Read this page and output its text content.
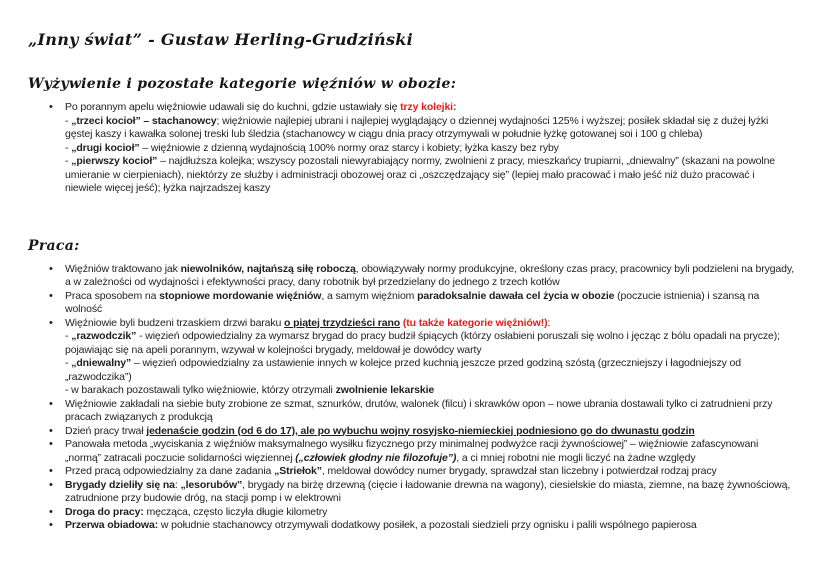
„Inny świat” - Gustaw Herling-Grudziński
Wyżywienie i pozostałe kategorie więźniów w obozie:
• Po porannym apelu więźniowie udawali się do kuchni, gdzie ustawiały się trzy kolejki:
- „trzeci kocioł” – stachanowcy; więźniowie najlepiej ubrani i najlepiej wyglądający o dziennej wydajności 125% i wyższej; posiłek składał się z dużej łyżki gęstej kaszy i kawałka solonej treski lub śledzia (stachanowcy w ciągu dnia pracy otrzymywali w południe łyżkę gotowanej soi i 100 g chleba)
- „drugi kocioł” – więźniowie z dzienną wydajnością 100% normy oraz starcy i kobiety; łyżka kaszy bez ryby
- „pierwszy kocioł” – najdłuższa kolejka; wszyscy pozostali niewyrabiający normy, zwolnieni z pracy, mieszkańcy trupiarni, „dniewalny” (skazani na powolne umieranie w cierpieniach), niektórzy ze służby i administracji obozowej oraz ci „oszczędzający się” (lepiej mało pracować i mało jeść niż dużo pracować i niewiele więcej jeść); łyżka najrzadszej kaszy
Praca:
• Więźniów traktowano jak niewolników, najtańszą siłę roboczą, obowiązywały normy produkcyjne, określony czas pracy, pracownicy byli podzieleni na brygady, a w zależności od wydajności i efektywności pracy, dany robotnik był przedzielany do jednego z trzech kotłów
• Praca sposobem na stopniowe mordowanie więźniów, a samym więźniom paradoksalnie dawała cel życia w obozie (poczucie istnienia) i szansą na wolność
• Więźniowie byli budzeni trzaskiem drzwi baraku o piątej trzydzieści rano (tu także kategorie więźniów!):
- „razwodczik” - więzień odpowiedzialny za wymarsz brygad do pracy budził śpiących (którzy osłabieni poruszali się wolno i jęcząc z bólu opadali na prycze); pojawiając się na apeli porannym, wzywał w kolejności brygady, meldował je dowódcy warty
- „dniewalny” – więzień odpowiedzialny za ustawienie innych w kolejce przed kuchnią jeszcze przed godziną szóstą (grzeczniejszy i łagodniejszy od „razwodczika”)
- w barakach pozostawali tylko więźniowie, którzy otrzymali zwolnienie lekarskie
• Więźniowie zakładali na siebie buty zrobione ze szmat, sznurków, drutów, walonek (filcu) i skrawków opon – nowe ubrania dostawali tylko ci zatrudnieni przy pracach związanych z produkcją
• Dzień pracy trwał jedenaście godzin (od 6 do 17), ale po wybuchu wojny rosyjsko-niemieckiej podniesiono go do dwunastu godzin
• Panowała metoda „wyciskania z więźniów maksymalnego wysiłku fizycznego przy minimalnej podwyżce racji żywnościowej” – więźniowie zafascynowani „normą” zatracali poczucie solidarności więziennej („człowiek głodny nie filozofuje”), a ci mniej robotni nie mogli liczyć na żadne względy
• Przed pracą odpowiedzialny za dane zadania „Striełok”, meldował dowódcy numer brygady, sprawdzał stan liczebny i potwierdzał rodzaj pracy
• Brygady dzieliły się na: „lesorubów”, brygady na birżę drzewną (cięcie i ładowanie drewna na wagony), ciesielskie do miasta, ziemne, na bazę żywnościową, zatrudnione przy budowie dróg, na stacji pomp i w elektrowni
• Droga do pracy: męcząca, często liczyła długie kilometry
• Przerwa obiadowa: w południe stachanowcy otrzymywali dodatkowy posiłek, a pozostali siedzieli przy ognisku i palili wspólnego papierosa
